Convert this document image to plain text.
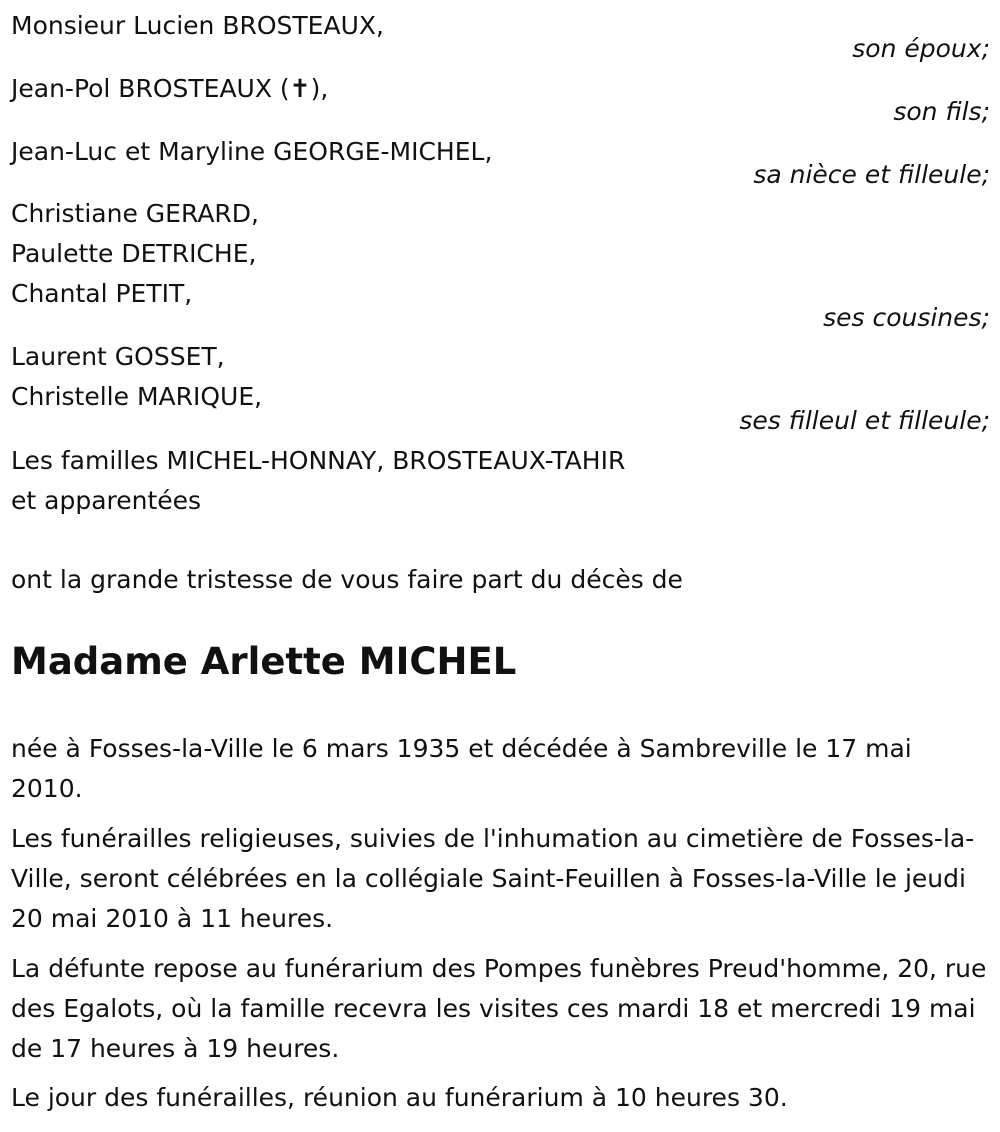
Monsieur Lucien BROSTEAUX,
son époux;
Jean-Pol BROSTEAUX (✝),
son fils;
Jean-Luc et Maryline GEORGE-MICHEL,
sa nièce et filleule;
Christiane GERARD,
Paulette DETRICHE,
Chantal PETIT,
ses cousines;
Laurent GOSSET,
Christelle MARIQUE,
ses filleul et filleule;
Les familles MICHEL-HONNAY, BROSTEAUX-TAHIR
et apparentées
ont la grande tristesse de vous faire part du décès de
Madame Arlette MICHEL
née à Fosses-la-Ville le 6 mars 1935 et décédée à Sambreville le 17 mai 2010.
Les funérailles religieuses, suivies de l'inhumation au cimetière de Fosses-la-Ville, seront célébrées en la collégiale Saint-Feuillen à Fosses-la-Ville le jeudi 20 mai 2010 à 11 heures.
La défunte repose au funérarium des Pompes funèbres Preud'homme, 20, rue des Egalots, où la famille recevra les visites ces mardi 18 et mercredi 19 mai de 17 heures à 19 heures.
Le jour des funérailles, réunion au funérarium à 10 heures 30.
